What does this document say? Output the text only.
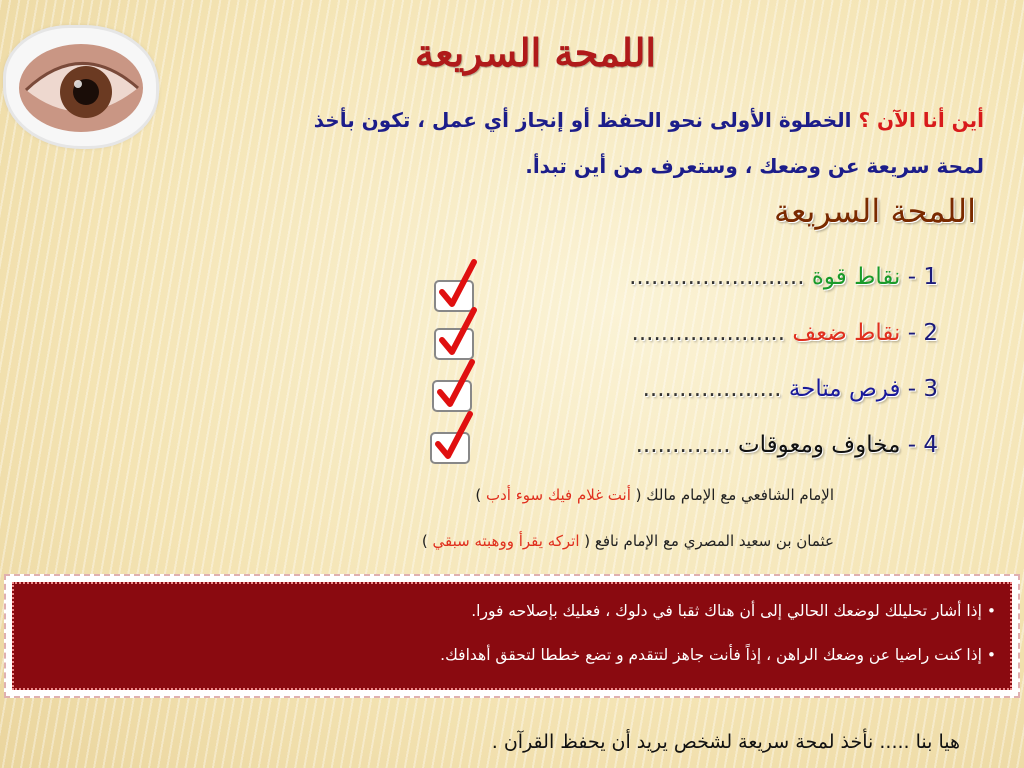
اللمحة السريعة
أين أنا الآن ؟ الخطوة الأولى نحو الحفظ أو إنجاز أي عمل ، تكون بأخذ
لمحة سريعة عن وضعك ، وستعرف من أين تبدأ.
اللمحة السريعة
1 - نقاط قوة ........................
2 - نقاط ضعف .....................
3 - فرص متاحة ...................
4 - مخاوف ومعوقات .............
الإمام الشافعي مع الإمام مالك ( أنت غلام فيك سوء أدب )
عثمان بن سعيد المصري مع الإمام نافع ( اتركه يقرأ ووهبته سبقي )
• إذا أشار تحليلك لوضعك الحالي إلى أن هناك ثقبا في دلوك ، فعليك بإصلاحه فورا.
• إذا كنت راضيا عن وضعك الراهن ، إذاً فأنت جاهز لتتقدم و تضع خططا لتحقق أهدافك.
هيا بنا ..... نأخذ لمحة سريعة لشخص يريد أن يحفظ القرآن .
